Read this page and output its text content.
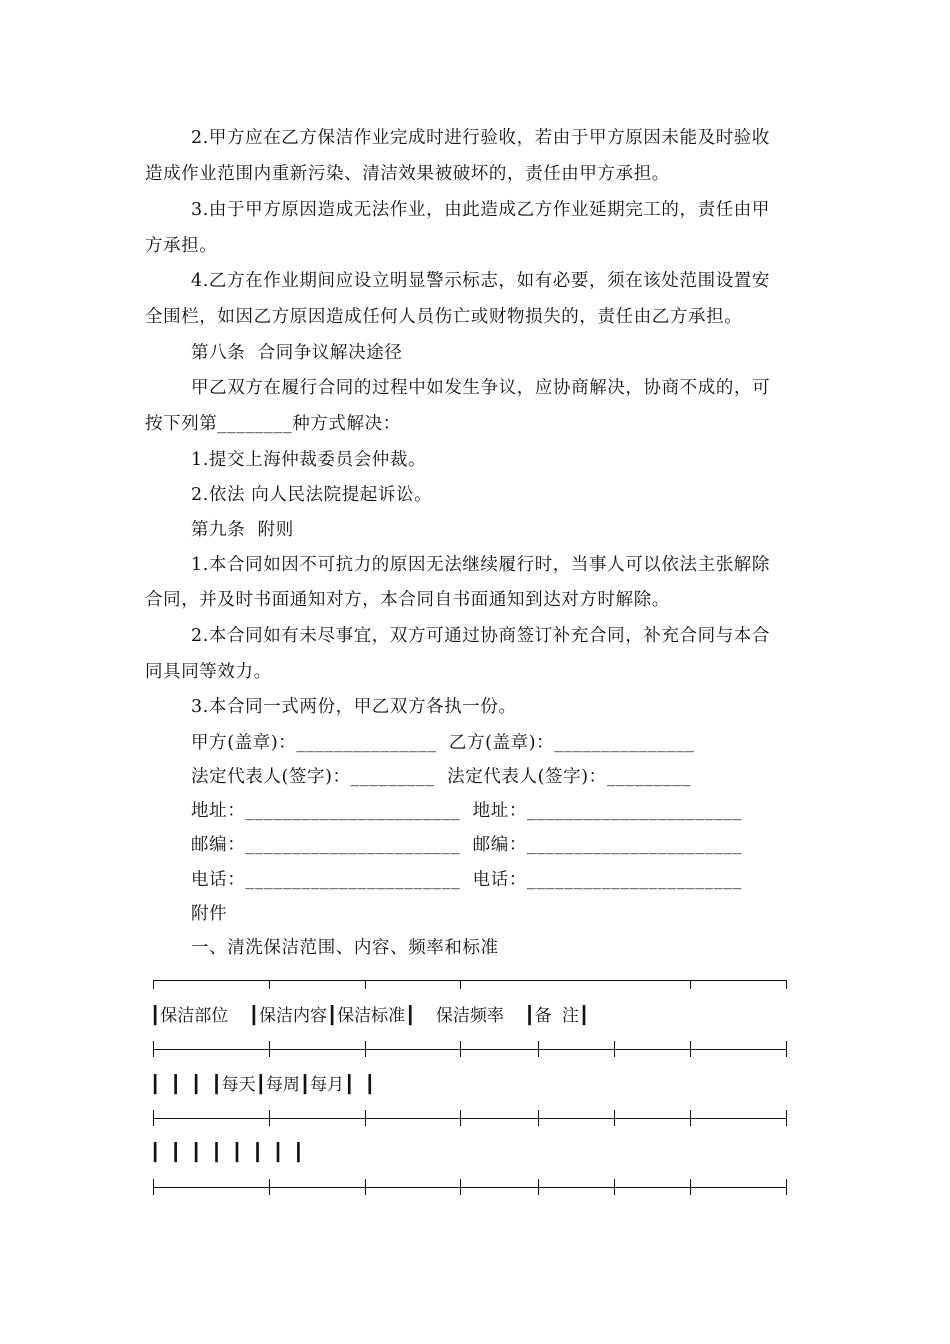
2.甲方应在乙方保洁作业完成时进行验收，若由于甲方原因未能及时验收
造成作业范围内重新污染、清洁效果被破坏的，责任由甲方承担。
3.由于甲方原因造成无法作业，由此造成乙方作业延期完工的，责任由甲
方承担。
4.乙方在作业期间应设立明显警示标志，如有必要，须在该处范围设置安
全围栏，如因乙方原因造成任何人员伤亡或财物损失的，责任由乙方承担。
第八条  合同争议解决途径
甲乙双方在履行合同的过程中如发生争议，应协商解决，协商不成的，可
按下列第________种方式解决：
1.提交上海仲裁委员会仲裁。
2.依法 向人民法院提起诉讼。
第九条  附则
1.本合同如因不可抗力的原因无法继续履行时，当事人可以依法主张解除
合同，并及时书面通知对方，本合同自书面通知到达对方时解除。
2.本合同如有未尽事宜，双方可通过协商签订补充合同，补充合同与本合
同具同等效力。
3.本合同一式两份，甲乙双方各执一份。
甲方(盖章)：_______________  乙方(盖章)：_______________
法定代表人(签字)：_________  法定代表人(签字)：_________
地址：_______________________  地址：_______________________
邮编：_______________________  邮编：_______________________
电话：_______________________  电话：_______________________
附件
一、清洗保洁范围、内容、频率和标准
┃保洁部位  ┃保洁内容┃保洁标准┃  保洁频率  ┃备 注┃
┃ ┃ ┃ ┃每天┃每周┃每月┃ ┃
┃ ┃ ┃ ┃ ┃ ┃ ┃ ┃
